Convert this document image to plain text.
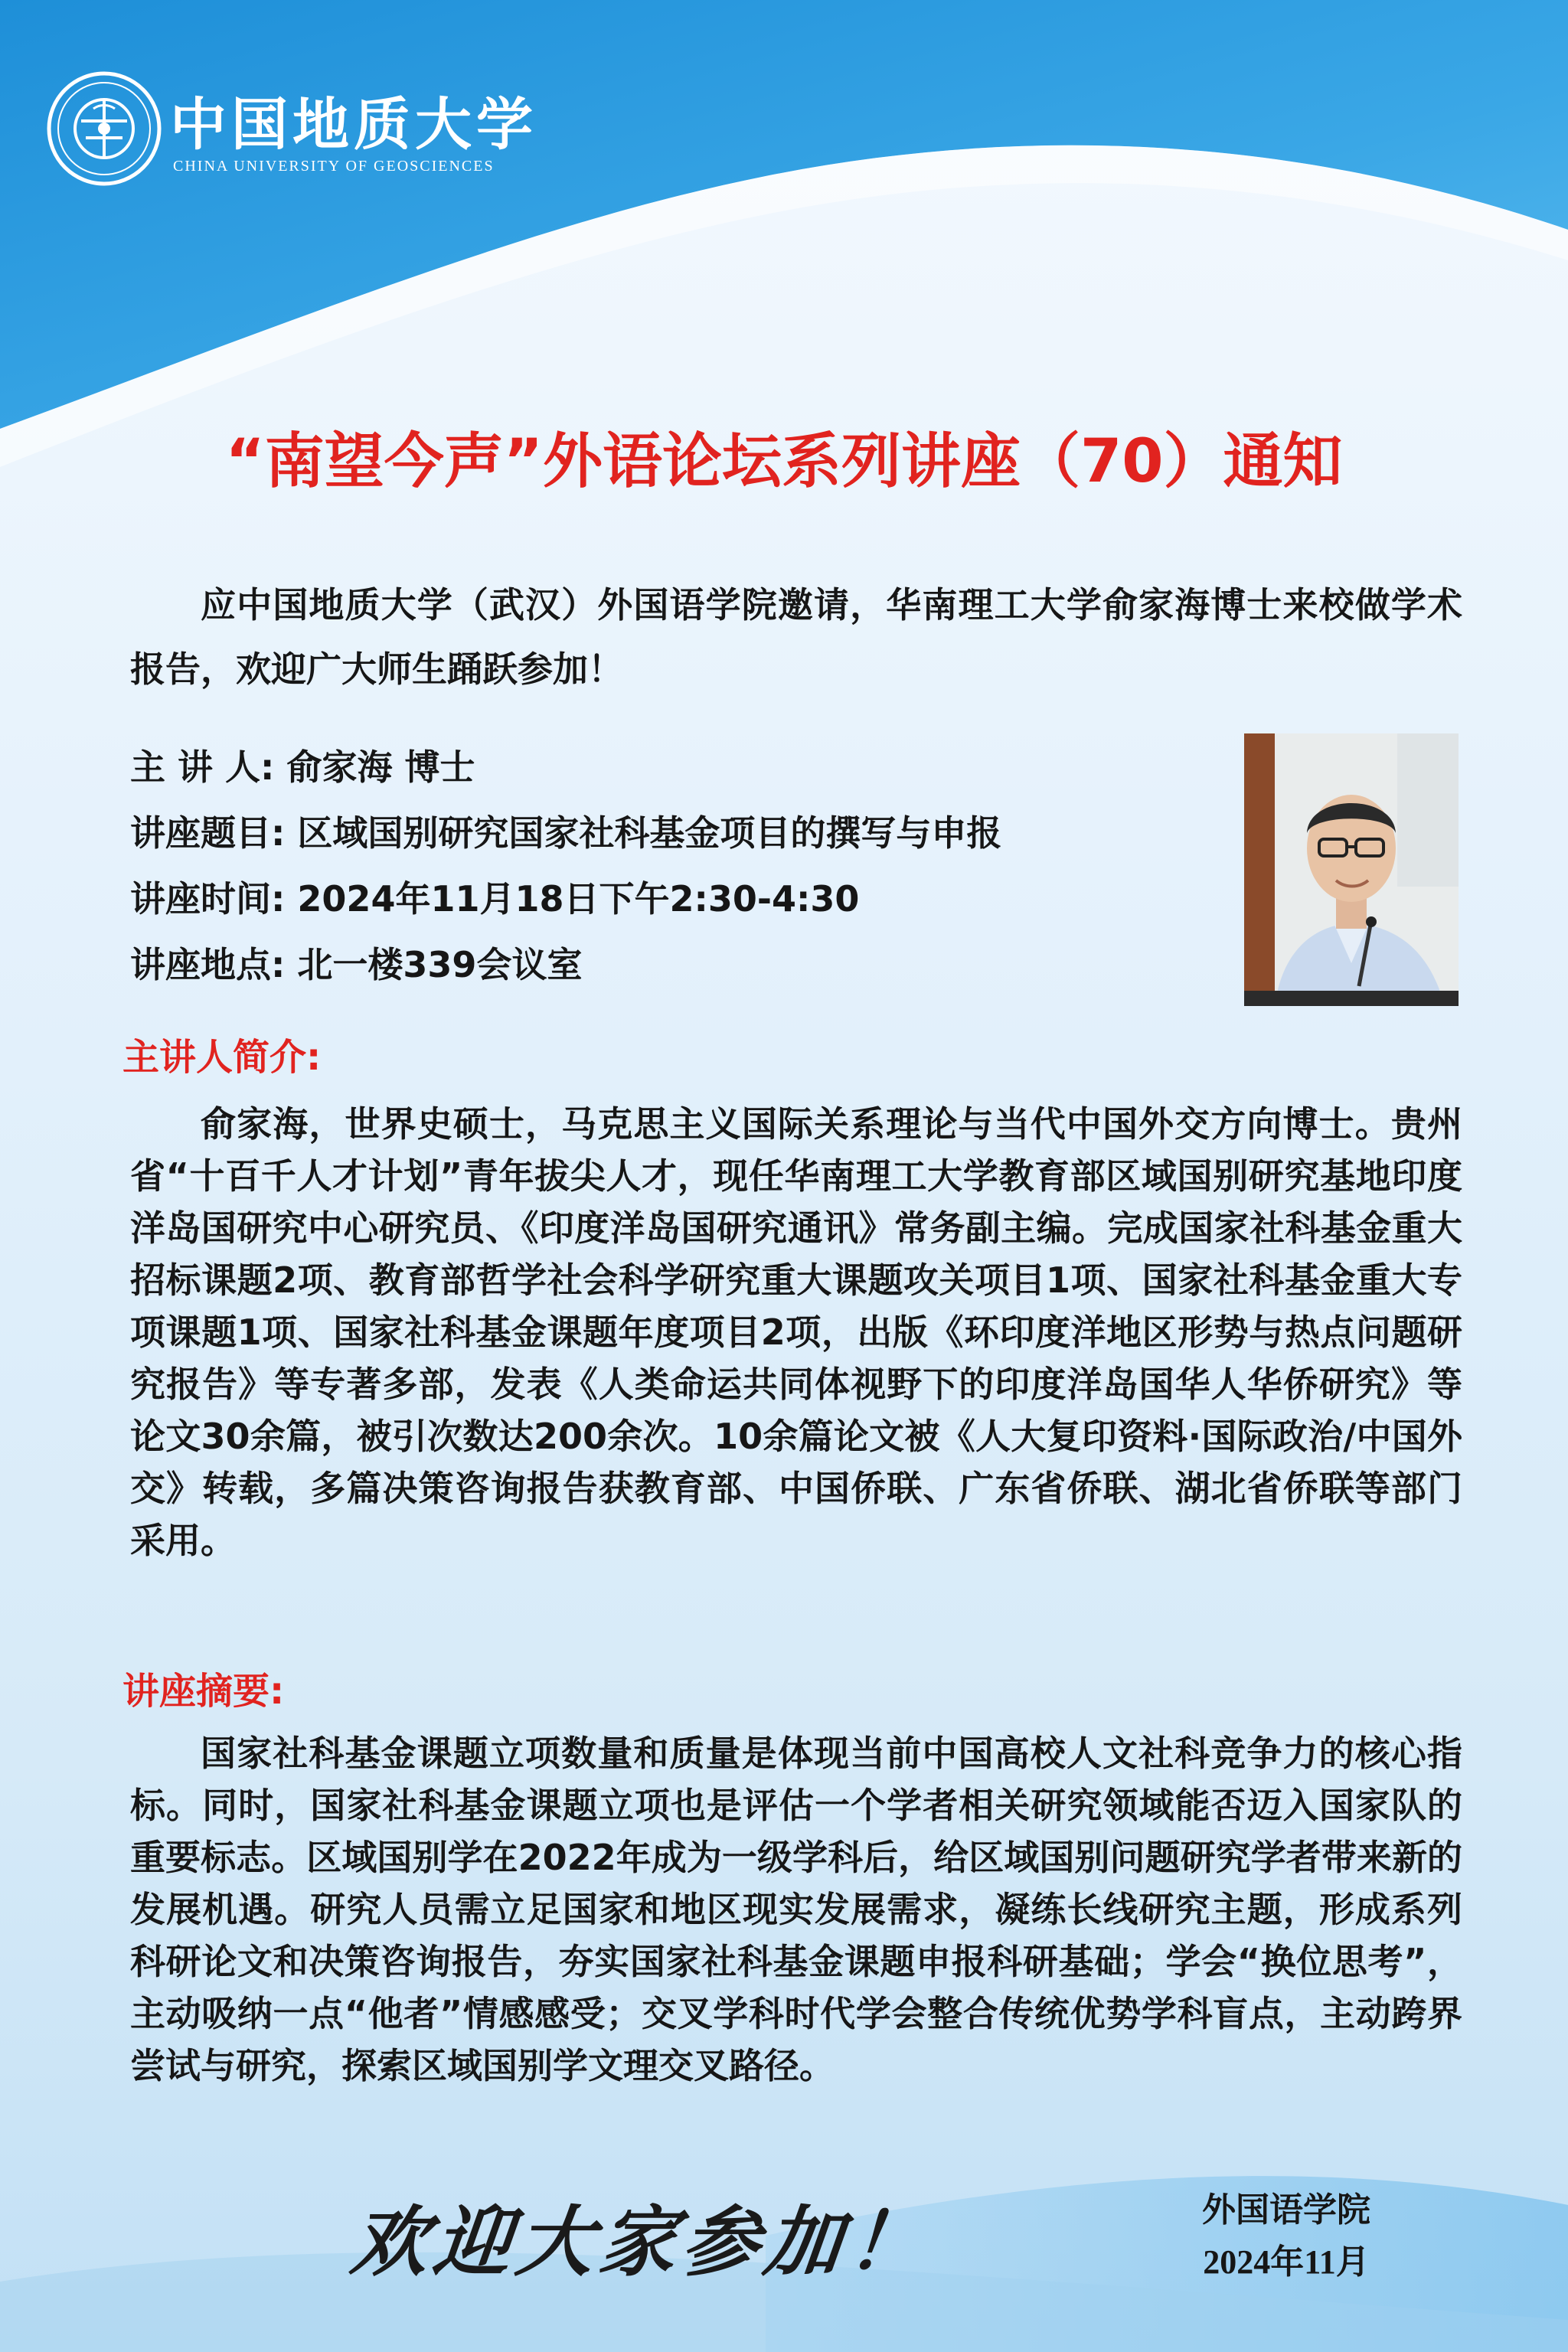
中国地质大学
CHINA UNIVERSITY OF GEOSCIENCES
“南望今声”外语论坛系列讲座（70）通知

应中国地质大学（武汉）外国语学院邀请，华南理工大学俞家海博士来校做学术报告，欢迎广大师生踊跃参加！

主 讲 人: 俞家海 博士
讲座题目: 区域国别研究国家社科基金项目的撰写与申报
讲座时间: 2024年11月18日下午2:30-4:30
讲座地点: 北一楼339会议室
主讲人简介:

俞家海，世界史硕士，马克思主义国际关系理论与当代中国外交方向博士。贵州省“十百千人才计划”青年拔尖人才，现任华南理工大学教育部区域国别研究基地印度洋岛国研究中心研究员、《印度洋岛国研究通讯》常务副主编。完成国家社科基金重大招标课题2项、教育部哲学社会科学研究重大课题攻关项目1项、国家社科基金重大专项课题1项、国家社科基金课题年度项目2项，出版《环印度洋地区形势与热点问题研究报告》等专著多部，发表《人类命运共同体视野下的印度洋岛国华人华侨研究》等论文30余篇，被引次数达200余次。10余篇论文被《人大复印资料·国际政治/中国外交》转载，多篇决策咨询报告获教育部、中国侨联、广东省侨联、湖北省侨联等部门采用。

讲座摘要:

国家社科基金课题立项数量和质量是体现当前中国高校人文社科竞争力的核心指标。同时，国家社科基金课题立项也是评估一个学者相关研究领域能否迈入国家队的重要标志。区域国别学在2022年成为一级学科后，给区域国别问题研究学者带来新的发展机遇。研究人员需立足国家和地区现实发展需求，凝练长线研究主题，形成系列科研论文和决策咨询报告，夯实国家社科基金课题申报科研基础；学会“换位思考”，主动吸纳一点“他者”情感感受；交叉学科时代学会整合传统优势学科盲点，主动跨界尝试与研究，探索区域国别学文理交叉路径。

欢迎大家参加！	外国语学院
2024年11月
